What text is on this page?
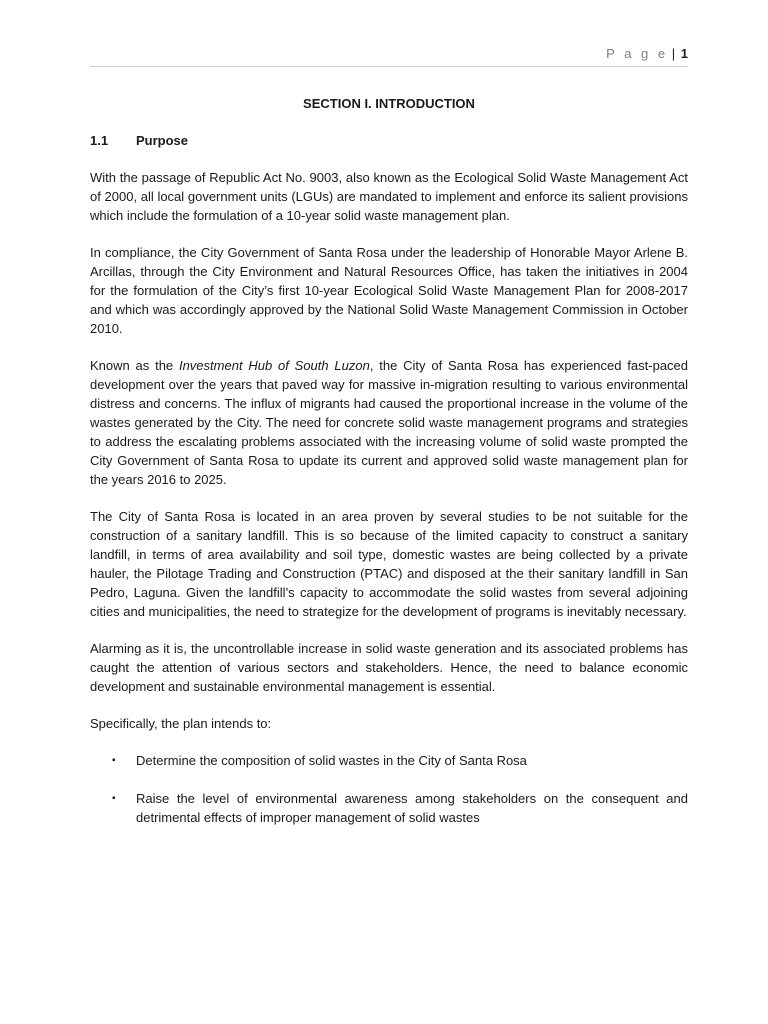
P a g e | 1
SECTION I. INTRODUCTION
1.1 Purpose

With the passage of Republic Act No. 9003, also known as the Ecological Solid Waste Management Act of 2000, all local government units (LGUs) are mandated to implement and enforce its salient provisions which include the formulation of a 10-year solid waste management plan.

In compliance, the City Government of Santa Rosa under the leadership of Honorable Mayor Arlene B. Arcillas, through the City Environment and Natural Resources Office, has taken the initiatives in 2004 for the formulation of the City’s first 10-year Ecological Solid Waste Management Plan for 2008-2017 and which was accordingly approved by the National Solid Waste Management Commission in October 2010.

Known as the Investment Hub of South Luzon, the City of Santa Rosa has experienced fast-paced development over the years that paved way for massive in-migration resulting to various environmental distress and concerns. The influx of migrants had caused the proportional increase in the volume of the wastes generated by the City. The need for concrete solid waste management programs and strategies to address the escalating problems associated with the increasing volume of solid waste prompted the City Government of Santa Rosa to update its current and approved solid waste management plan for the years 2016 to 2025.

The City of Santa Rosa is located in an area proven by several studies to be not suitable for the construction of a sanitary landfill. This is so because of the limited capacity to construct a sanitary landfill, in terms of area availability and soil type, domestic wastes are being collected by a private hauler, the Pilotage Trading and Construction (PTAC) and disposed at the their sanitary landfill in San Pedro, Laguna. Given the landfill’s capacity to accommodate the solid wastes from several adjoining cities and municipalities, the need to strategize for the development of programs is inevitably necessary.

Alarming as it is, the uncontrollable increase in solid waste generation and its associated problems has caught the attention of various sectors and stakeholders. Hence, the need to balance economic development and sustainable environmental management is essential.

Specifically, the plan intends to:

▪ Determine the composition of solid wastes in the City of Santa Rosa
▪ Raise the level of environmental awareness among stakeholders on the consequent and detrimental effects of improper management of solid wastes
